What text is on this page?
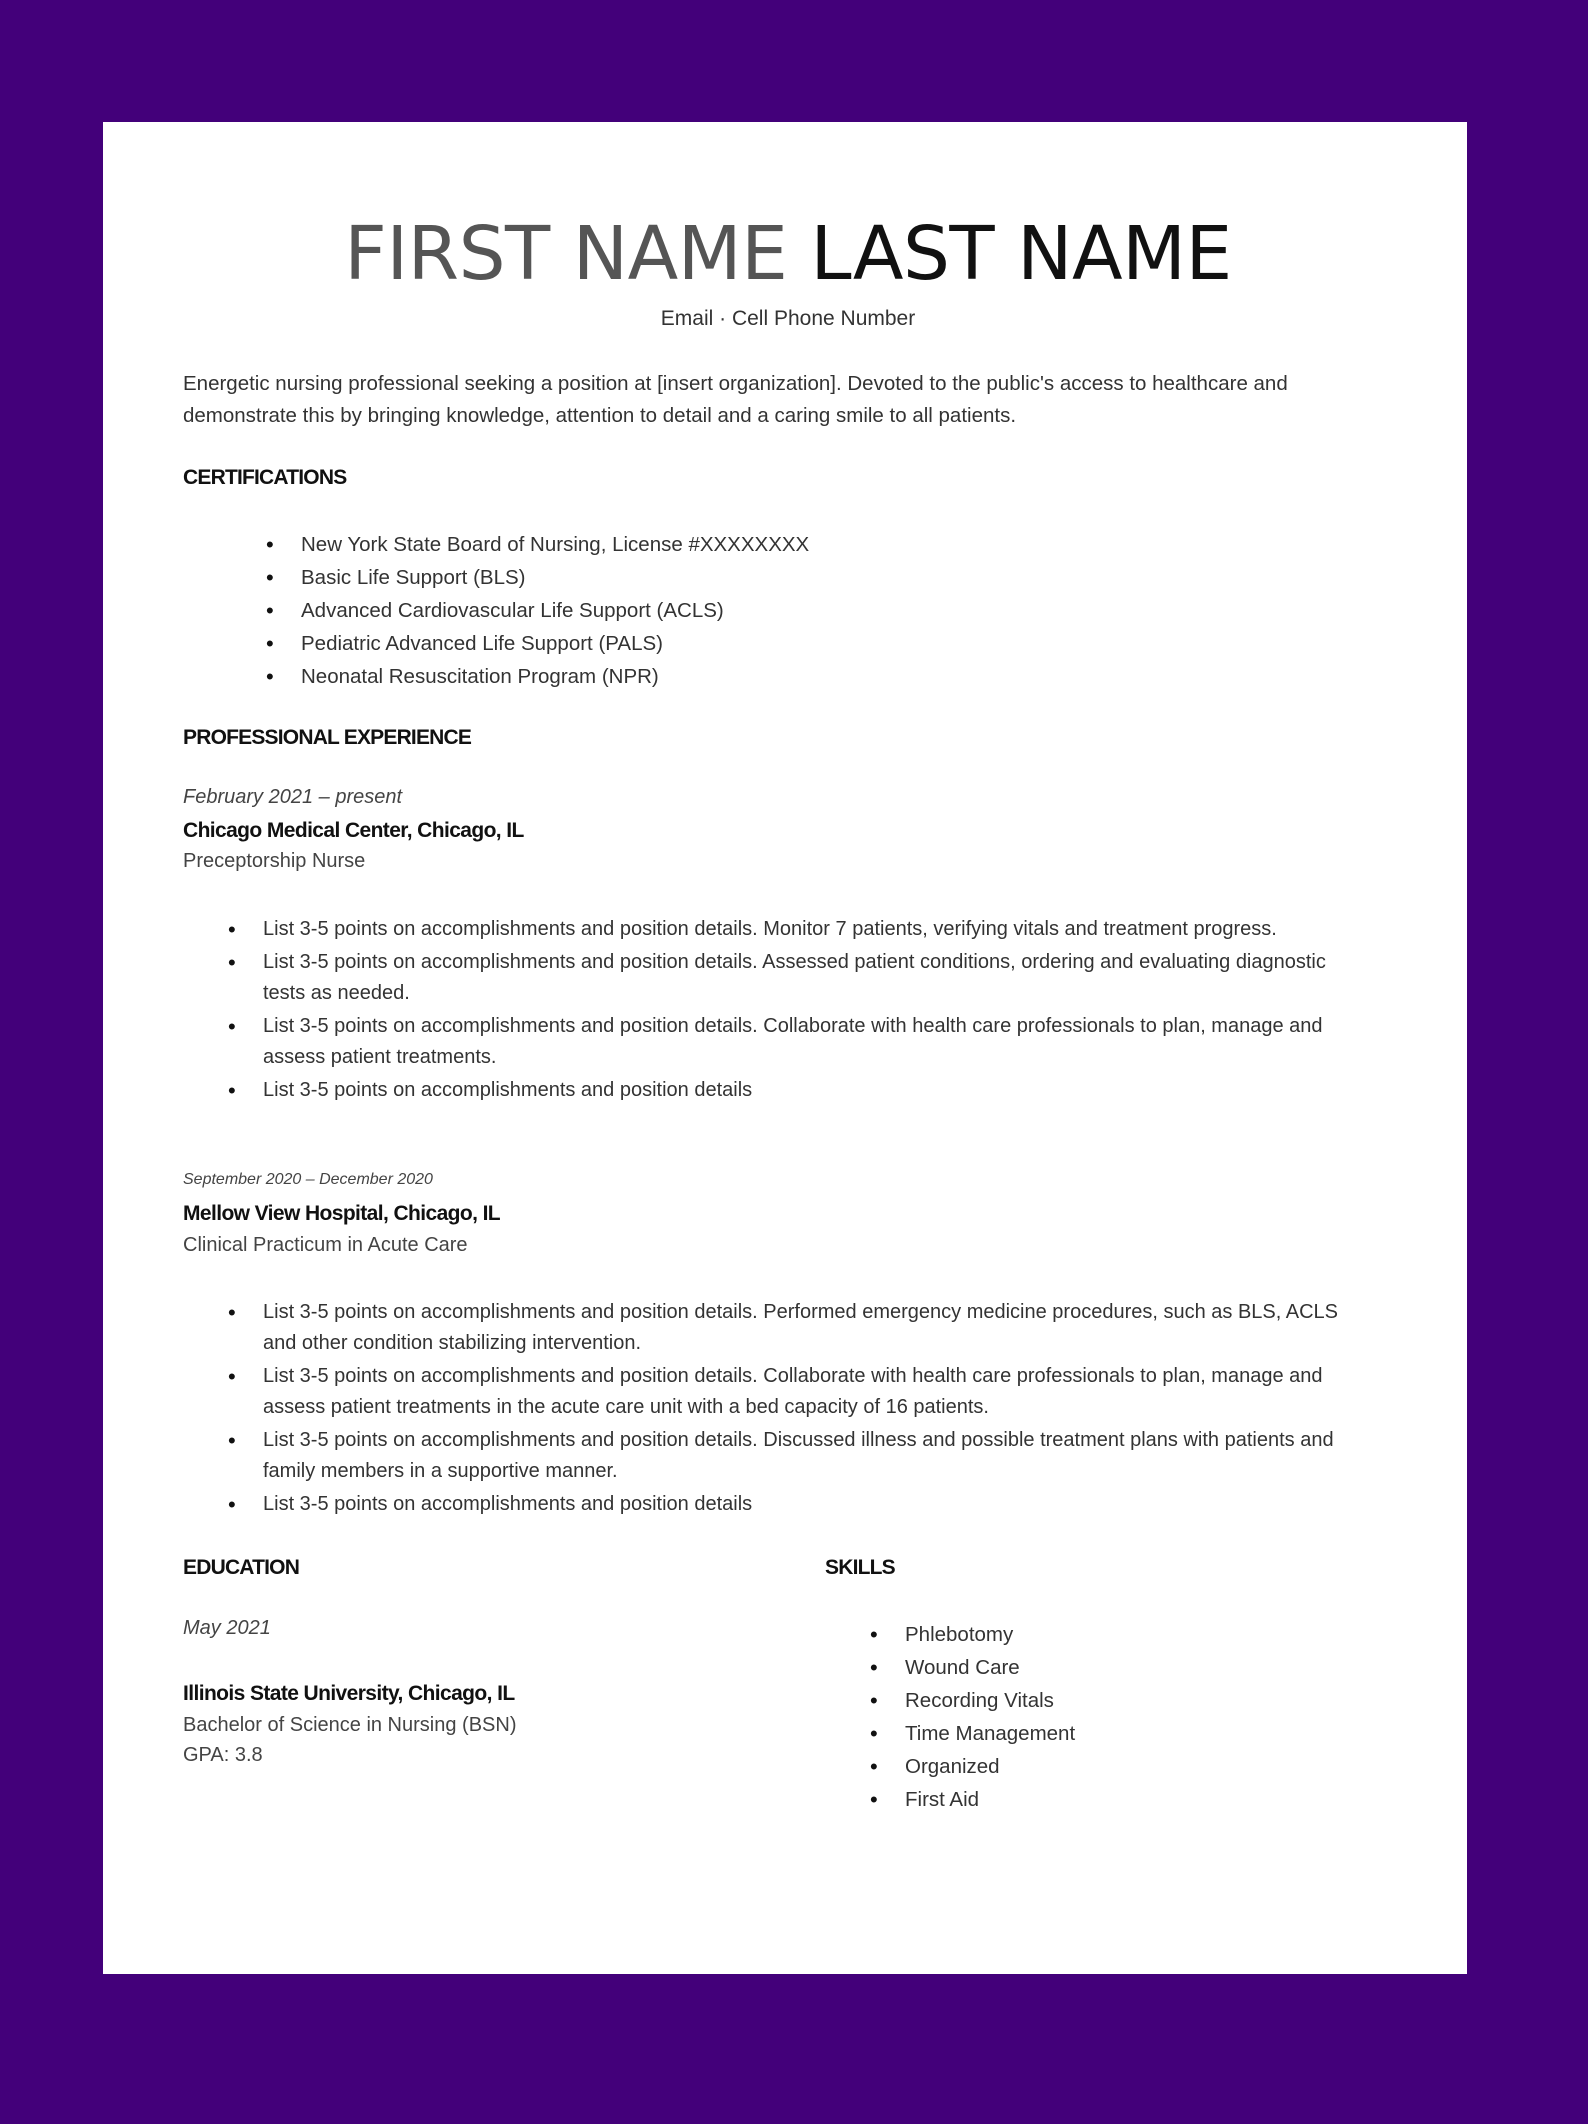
FIRST NAME LAST NAME
Email · Cell Phone Number
Energetic nursing professional seeking a position at [insert organization]. Devoted to the public's access to healthcare and demonstrate this by bringing knowledge, attention to detail and a caring smile to all patients.
CERTIFICATIONS
• New York State Board of Nursing, License #XXXXXXXX
• Basic Life Support (BLS)
• Advanced Cardiovascular Life Support (ACLS)
• Pediatric Advanced Life Support (PALS)
• Neonatal Resuscitation Program (NPR)
PROFESSIONAL EXPERIENCE
February 2021 – present
Chicago Medical Center, Chicago, IL
Preceptorship Nurse
• List 3-5 points on accomplishments and position details. Monitor 7 patients, verifying vitals and treatment progress.
• List 3-5 points on accomplishments and position details. Assessed patient conditions, ordering and evaluating diagnostic tests as needed.
• List 3-5 points on accomplishments and position details. Collaborate with health care professionals to plan, manage and assess patient treatments.
• List 3-5 points on accomplishments and position details
September 2020 – December 2020
Mellow View Hospital, Chicago, IL
Clinical Practicum in Acute Care
• List 3-5 points on accomplishments and position details. Performed emergency medicine procedures, such as BLS, ACLS and other condition stabilizing intervention.
• List 3-5 points on accomplishments and position details. Collaborate with health care professionals to plan, manage and assess patient treatments in the acute care unit with a bed capacity of 16 patients.
• List 3-5 points on accomplishments and position details. Discussed illness and possible treatment plans with patients and family members in a supportive manner.
• List 3-5 points on accomplishments and position details
EDUCATION
May 2021
Illinois State University, Chicago, IL
Bachelor of Science in Nursing (BSN)
GPA: 3.8
SKILLS
• Phlebotomy
• Wound Care
• Recording Vitals
• Time Management
• Organized
• First Aid
